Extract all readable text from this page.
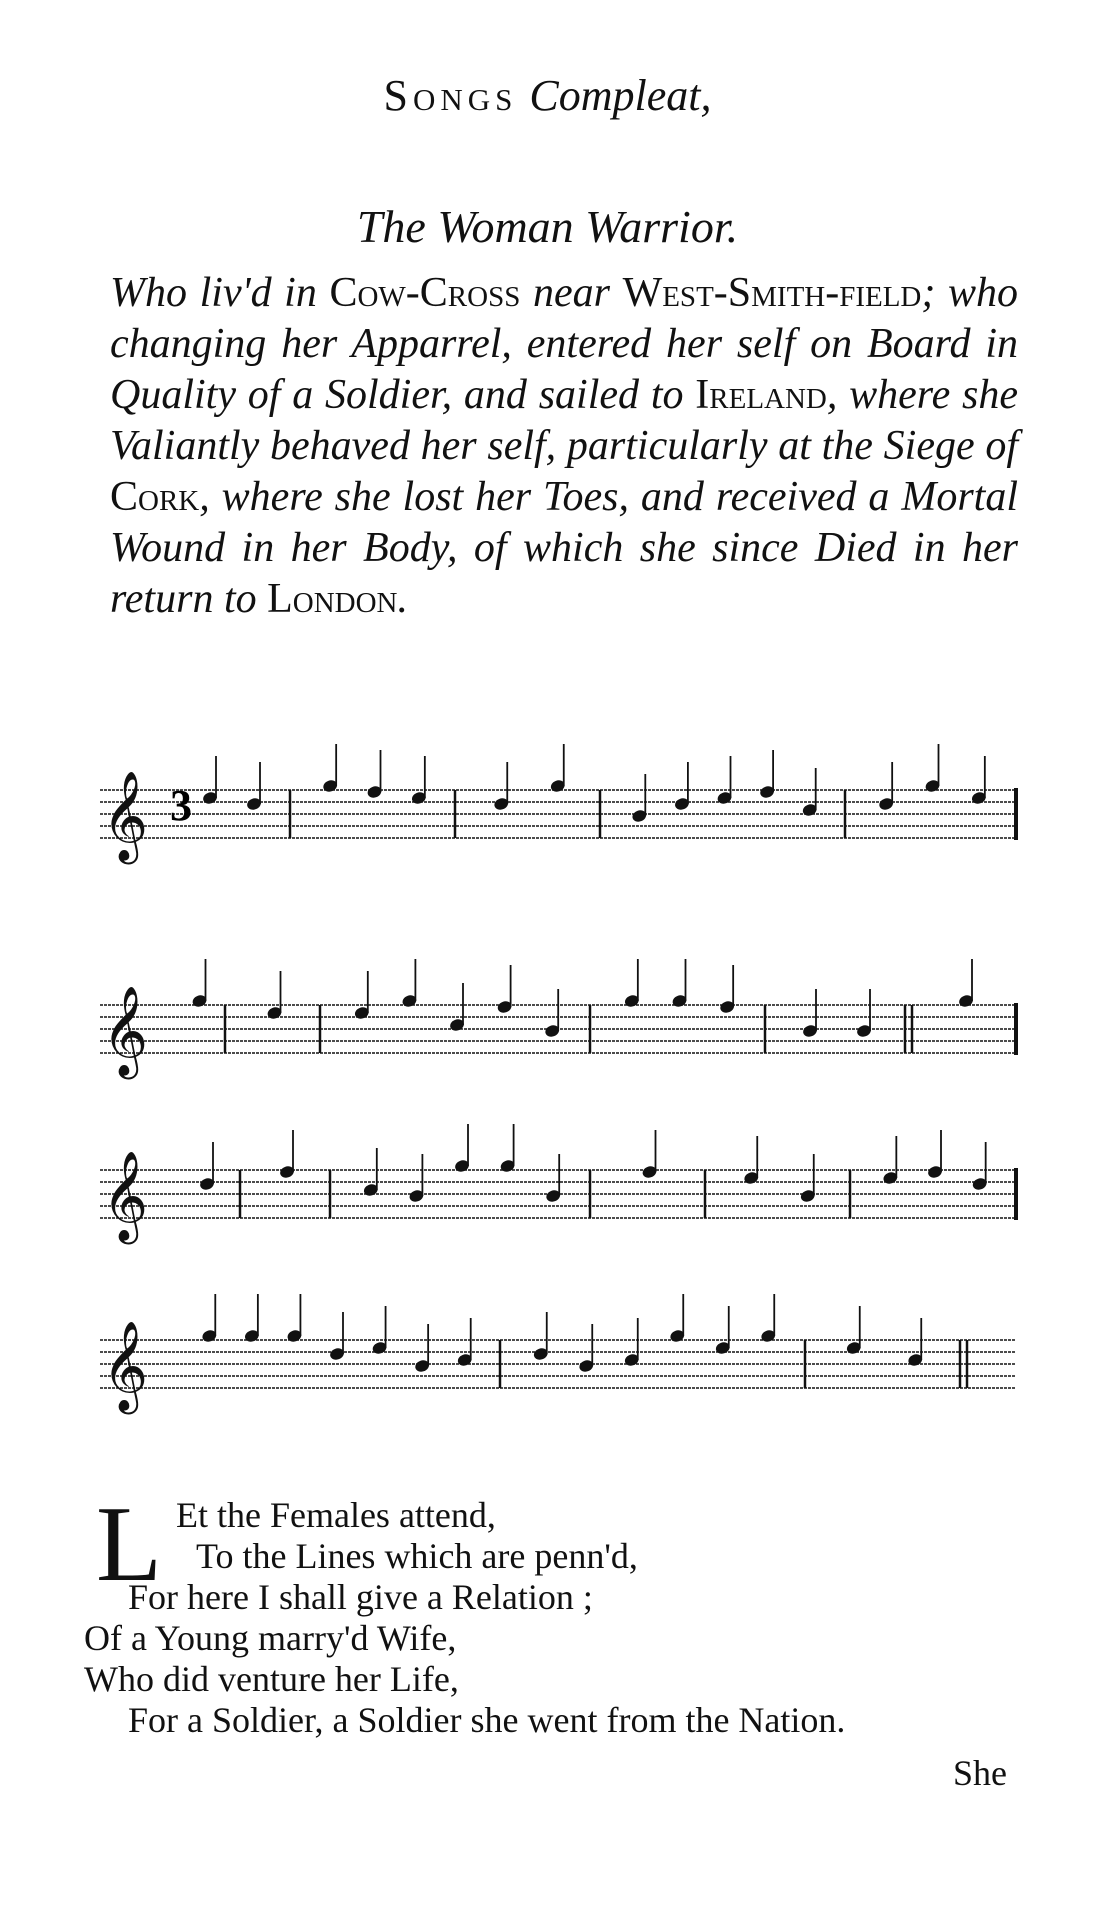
Songs Compleat,
The Woman Warrior.
Who liv'd in Cow-Cross near West-Smith-field; who changing her Apparrel, entered her self on Board in Quality of a Soldier, and sailed to Ireland, where she Valiantly behaved her self, particularly at the Siege of Cork, where she lost her Toes, and received a Mortal Wound in her Body, of which she since Died in her return to London.
𝄞
𝄞
𝄞
𝄞
3
L Et the Females attend,
To the Lines which are penn'd,
For here I shall give a Relation ;
Of a Young marry'd Wife,
Who did venture her Life,
For a Soldier, a Soldier she went from the Nation.
She
